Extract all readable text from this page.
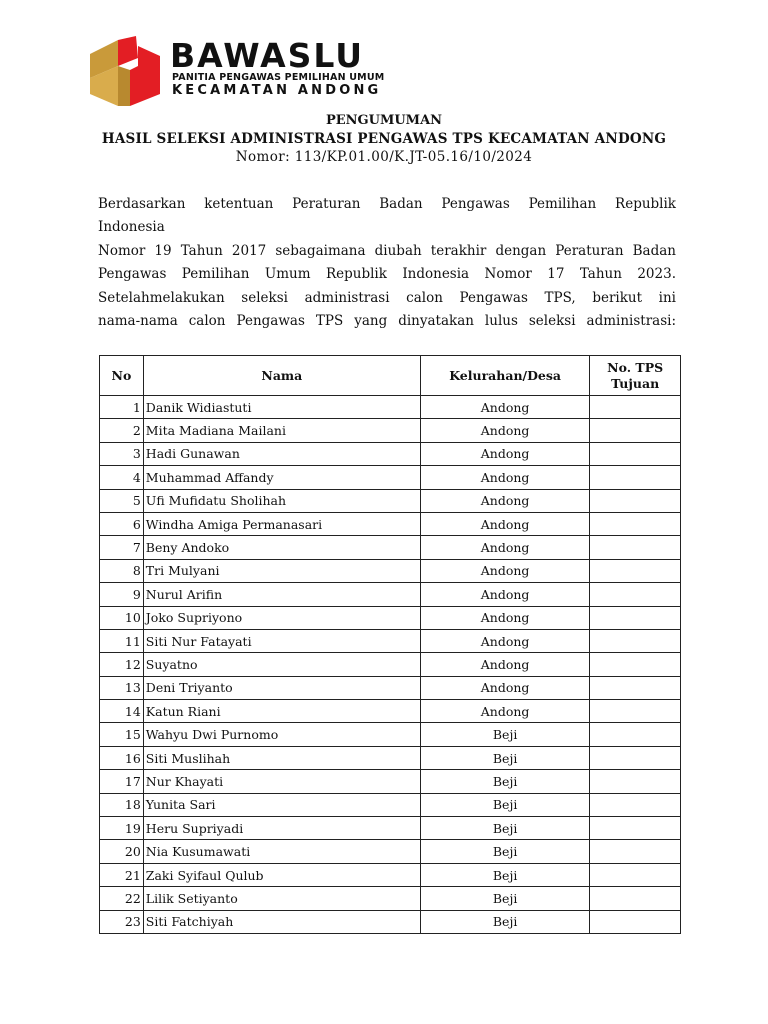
BAWASLU
PANITIA PENGAWAS PEMILIHAN UMUM
KECAMATAN ANDONG
PENGUMUMAN
HASIL SELEKSI ADMINISTRASI PENGAWAS TPS KECAMATAN ANDONG
Nomor: 113/KP.01.00/K.JT-05.16/10/2024

Berdasarkan ketentuan Peraturan Badan Pengawas Pemilihan Republik

Indonesia

Nomor 19 Tahun 2017 sebagaimana diubah terakhir dengan Peraturan Badan

Pengawas Pemilihan Umum Republik Indonesia Nomor 17 Tahun 2023.

Setelahmelakukan seleksi administrasi calon Pengawas TPS, berikut ini

nama-nama calon Pengawas TPS yang dinyatakan lulus seleksi administrasi:

No	Nama	Kelurahan/Desa	No. TPS
Tujuan

1	Danik Widiastuti	Andong	
2	Mita Madiana Mailani	Andong	
3	Hadi Gunawan	Andong	
4	Muhammad Affandy	Andong	
5	Ufi Mufidatu Sholihah	Andong	
6	Windha Amiga Permanasari	Andong	
7	Beny Andoko	Andong	
8	Tri Mulyani	Andong	
9	Nurul Arifin	Andong	
10	Joko Supriyono	Andong	
11	Siti Nur Fatayati	Andong	
12	Suyatno	Andong	
13	Deni Triyanto	Andong	
14	Katun Riani	Andong	
15	Wahyu Dwi Purnomo	Beji	
16	Siti Muslihah	Beji	
17	Nur Khayati	Beji	
18	Yunita Sari	Beji	
19	Heru Supriyadi	Beji	
20	Nia Kusumawati	Beji	
21	Zaki Syifaul Qulub	Beji	
22	Lilik Setiyanto	Beji	
23	Siti Fatchiyah	Beji	
